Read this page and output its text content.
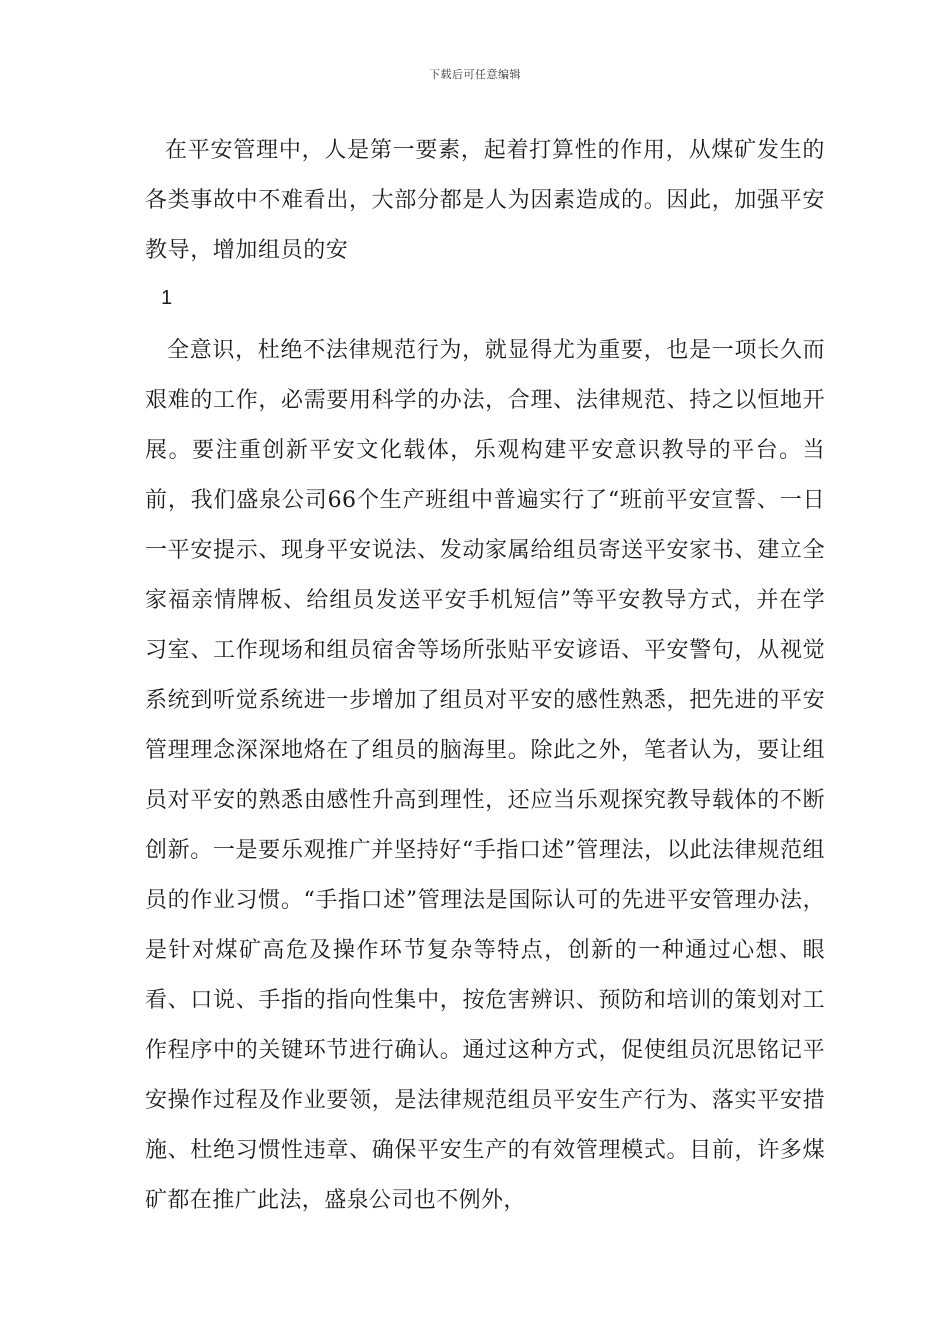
下载后可任意编辑

在平安管理中，人是第一要素，起着打算性的作用，从煤矿发生的各类事故中不难看出，大部分都是人为因素造成的。因此，加强平安教导，增加组员的安

1

全意识，杜绝不法律规范行为，就显得尤为重要，也是一项长久而艰难的工作，必需要用科学的办法，合理、法律规范、持之以恒地开展。要注重创新平安文化载体，乐观构建平安意识教导的平台。当前，我们盛泉公司66个生产班组中普遍实行了“班前平安宣誓、一日一平安提示、现身平安说法、发动家属给组员寄送平安家书、建立全家福亲情牌板、给组员发送平安手机短信”等平安教导方式，并在学习室、工作现场和组员宿舍等场所张贴平安谚语、平安警句，从视觉系统到听觉系统进一步增加了组员对平安的感性熟悉，把先进的平安管理理念深深地烙在了组员的脑海里。除此之外，笔者认为，要让组员对平安的熟悉由感性升高到理性，还应当乐观探究教导载体的不断创新。一是要乐观推广并坚持好“手指口述”管理法，以此法律规范组员的作业习惯。“手指口述”管理法是国际认可的先进平安管理办法，是针对煤矿高危及操作环节复杂等特点，创新的一种通过心想、眼看、口说、手指的指向性集中，按危害辨识、预防和培训的策划对工作程序中的关键环节进行确认。通过这种方式，促使组员沉思铭记平安操作过程及作业要领，是法律规范组员平安生产行为、落实平安措施、杜绝习惯性违章、确保平安生产的有效管理模式。目前，许多煤矿都在推广此法，盛泉公司也不例外，
